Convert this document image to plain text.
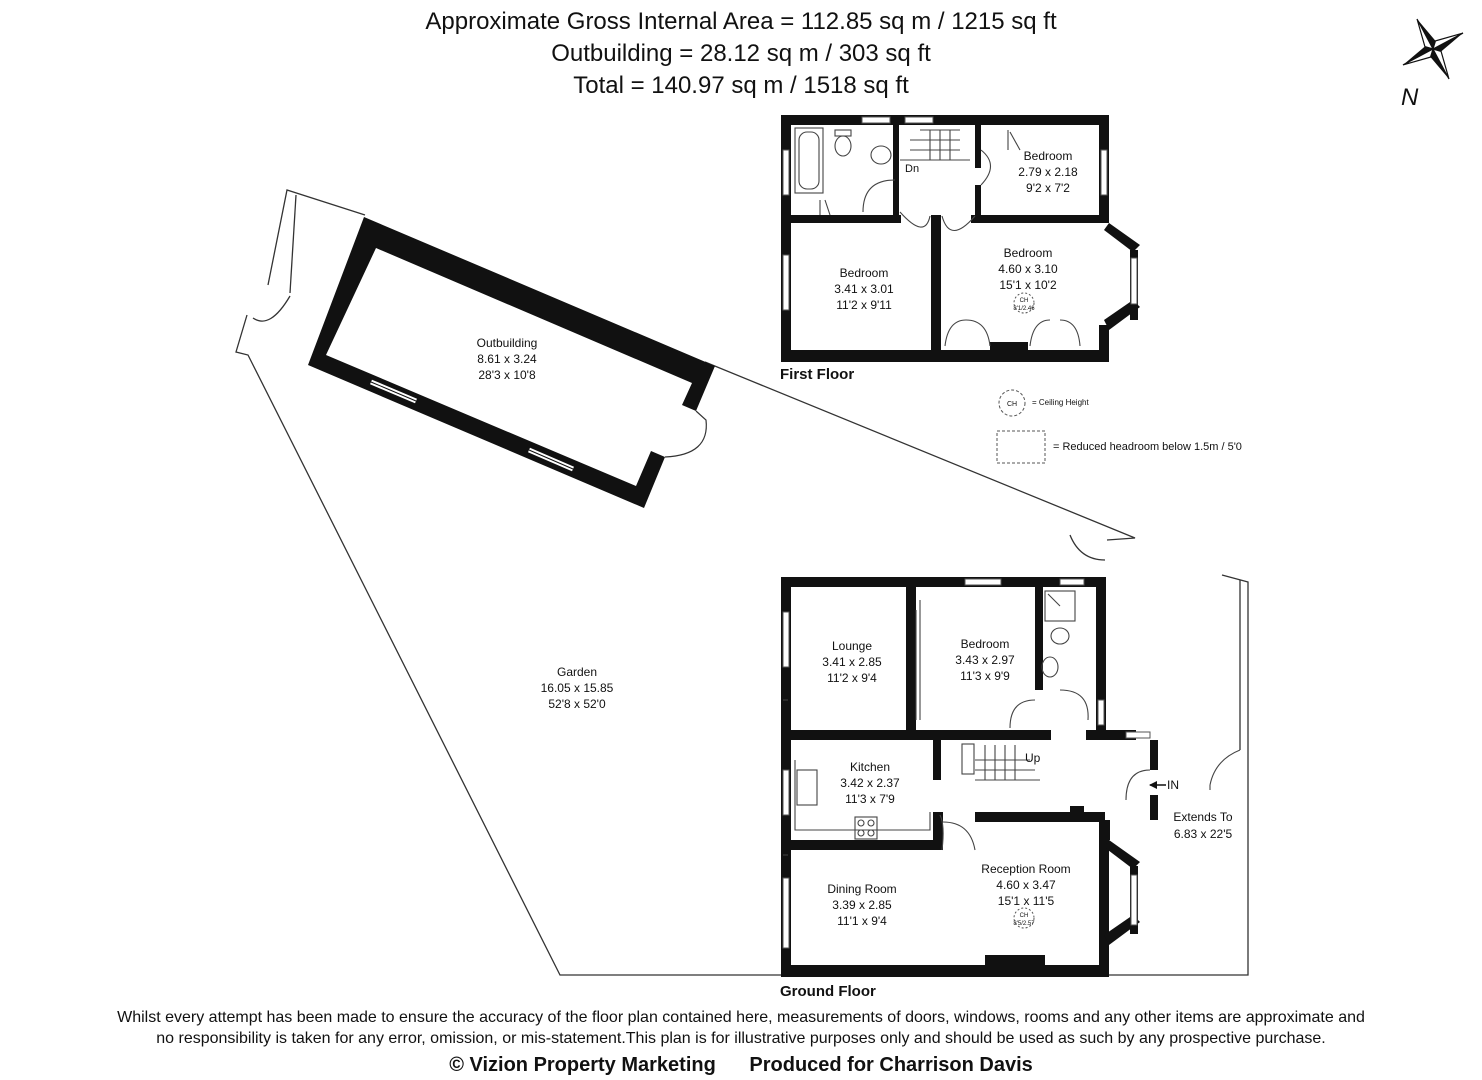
Approximate Gross Internal Area = 112.85 sq m / 1215 sq ft
Outbuilding = 28.12 sq m / 303 sq ft
Total = 140.97 sq m / 1518 sq ft	N
CH
8'1/2.46
CH
8'5/2.57
CH = Ceiling Height
= Reduced headroom below 1.5m / 5'0
Bedroom
2.79 x 2.18
9'2 x 7'2
Bedroom
3.41 x 3.01
11'2 x 9'11
Bedroom
4.60 x 3.10
15'1 x 10'2
Outbuilding
8.61 x 3.24
28'3 x 10'8
Garden
16.05 x 15.85
52'8 x 52'0
Lounge
3.41 x 2.85
11'2 x 9'4
Bedroom
3.43 x 2.97
11'3 x 9'9
Kitchen
3.42 x 2.37
11'3 x 7'9
Reception Room
4.60 x 3.47
15'1 x 11'5
Dining Room
3.39 x 2.85
11'1 x 9'4
Extends To
6.83 x 22'5
Dn
Up
IN
First Floor
Ground Floor
Whilst every attempt has been made to ensure the accuracy of the floor plan contained here, measurements of doors, windows, rooms and any other items are approximate and
no responsibility is taken for any error, omission, or mis-statement.This plan is for illustrative purposes only and should be used as such by any prospective purchase.
© Vizion Property Marketing Produced for Charrison Davis
